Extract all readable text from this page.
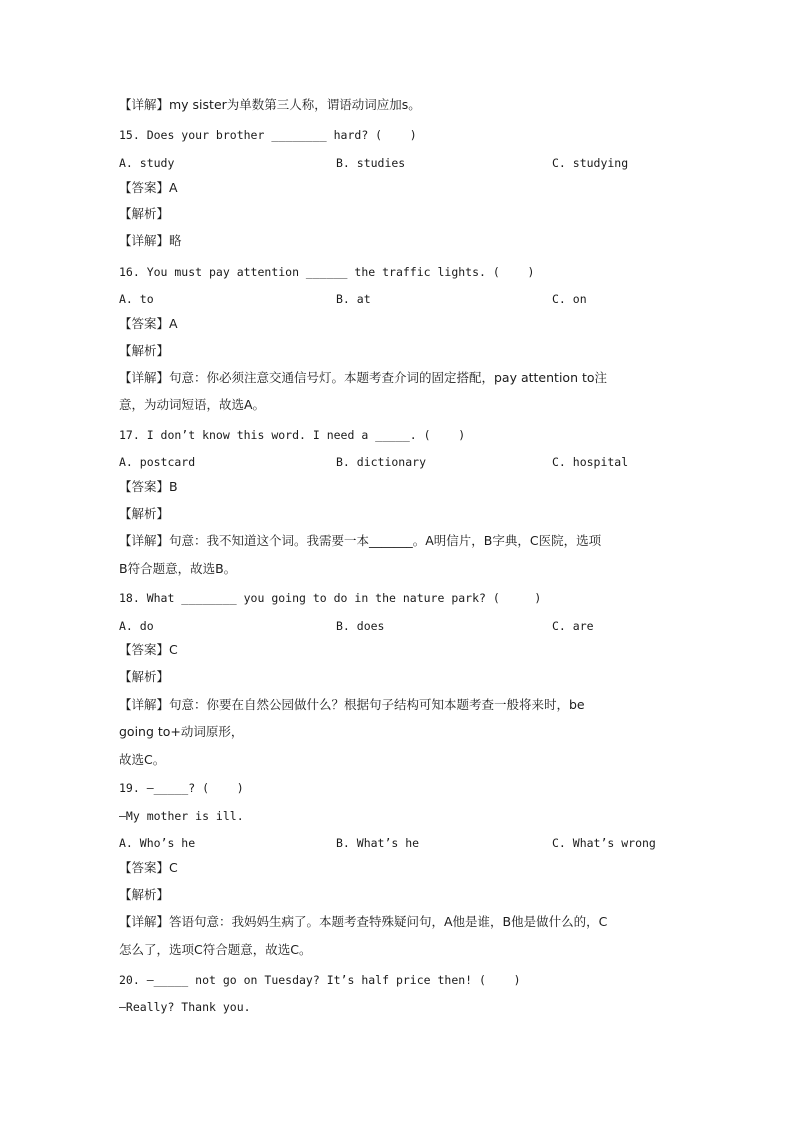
【详解】my sister为单数第三人称，谓语动词应加s。
15. Does your brother ________ hard? (    )
A. study	B. studies	C. studying
【答案】A
【解析】
【详解】略
16. You must pay attention ______ the traffic lights. (    )
A. to	B. at	C. on
【答案】A
【解析】
【详解】句意：你必须注意交通信号灯。本题考查介词的固定搭配，pay attention to注
意，为动词短语，故选A。
17. I don’t know this word. I need a _____. (    )
A. postcard	B. dictionary	C. hospital
【答案】B
【解析】
【详解】句意：我不知道这个词。我需要一本_______。A明信片，B字典，C医院，选项
B符合题意，故选B。
18. What ________ you going to do in the nature park? (     )
A. do	B. does	C. are
【答案】C
【解析】
【详解】句意：你要在自然公园做什么？根据句子结构可知本题考查一般将来时，be
going to+动词原形，
故选C。
19. —_____? (    )
—My mother is ill.
A. Who’s he	B. What’s he	C. What’s wrong
【答案】C
【解析】
【详解】答语句意：我妈妈生病了。本题考查特殊疑问句，A他是谁，B他是做什么的，C
怎么了，选项C符合题意，故选C。
20. —_____ not go on Tuesday? It’s half price then! (    )
—Really? Thank you.
